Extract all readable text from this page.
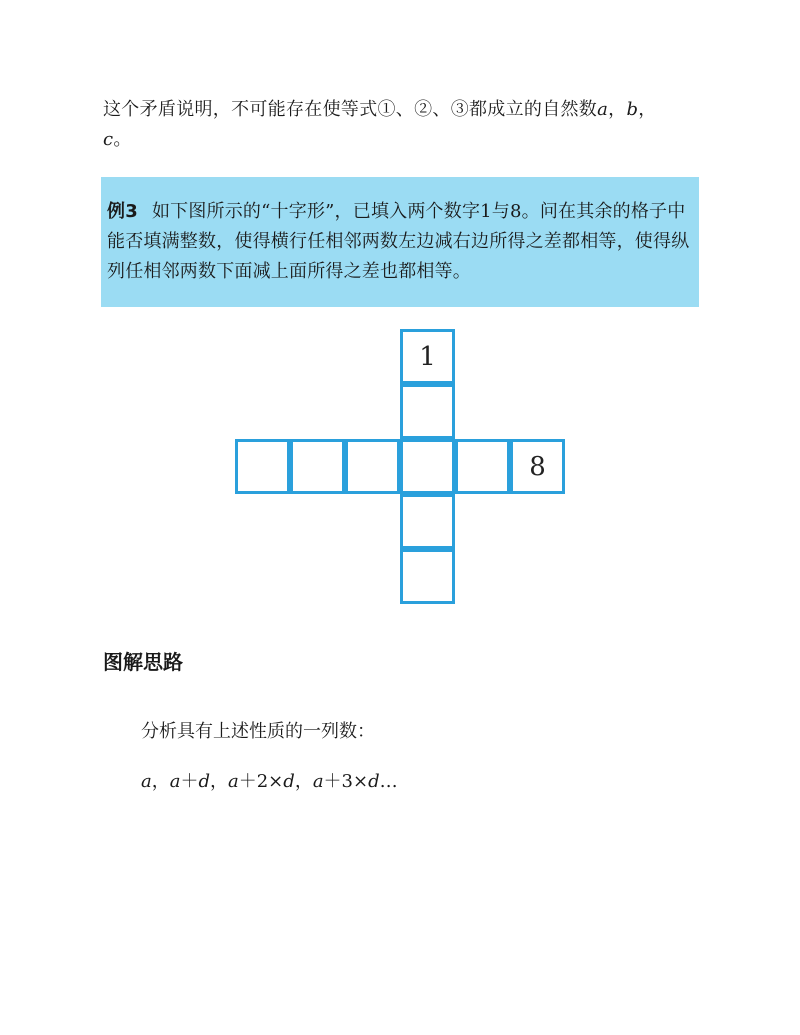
这个矛盾说明，不可能存在使等式①、②、③都成立的自然数a，b，
c。

例3 如下图所示的“十字形”，已填入两个数字1与8。问在其余的格子中能否填满整数，使得横行任相邻两数左边减右边所得之差都相等，使得纵列任相邻两数下面减上面所得之差也都相等。
1
8
图解思路
分析具有上述性质的一列数：
a，a＋d，a＋2×d，a＋3×d…
